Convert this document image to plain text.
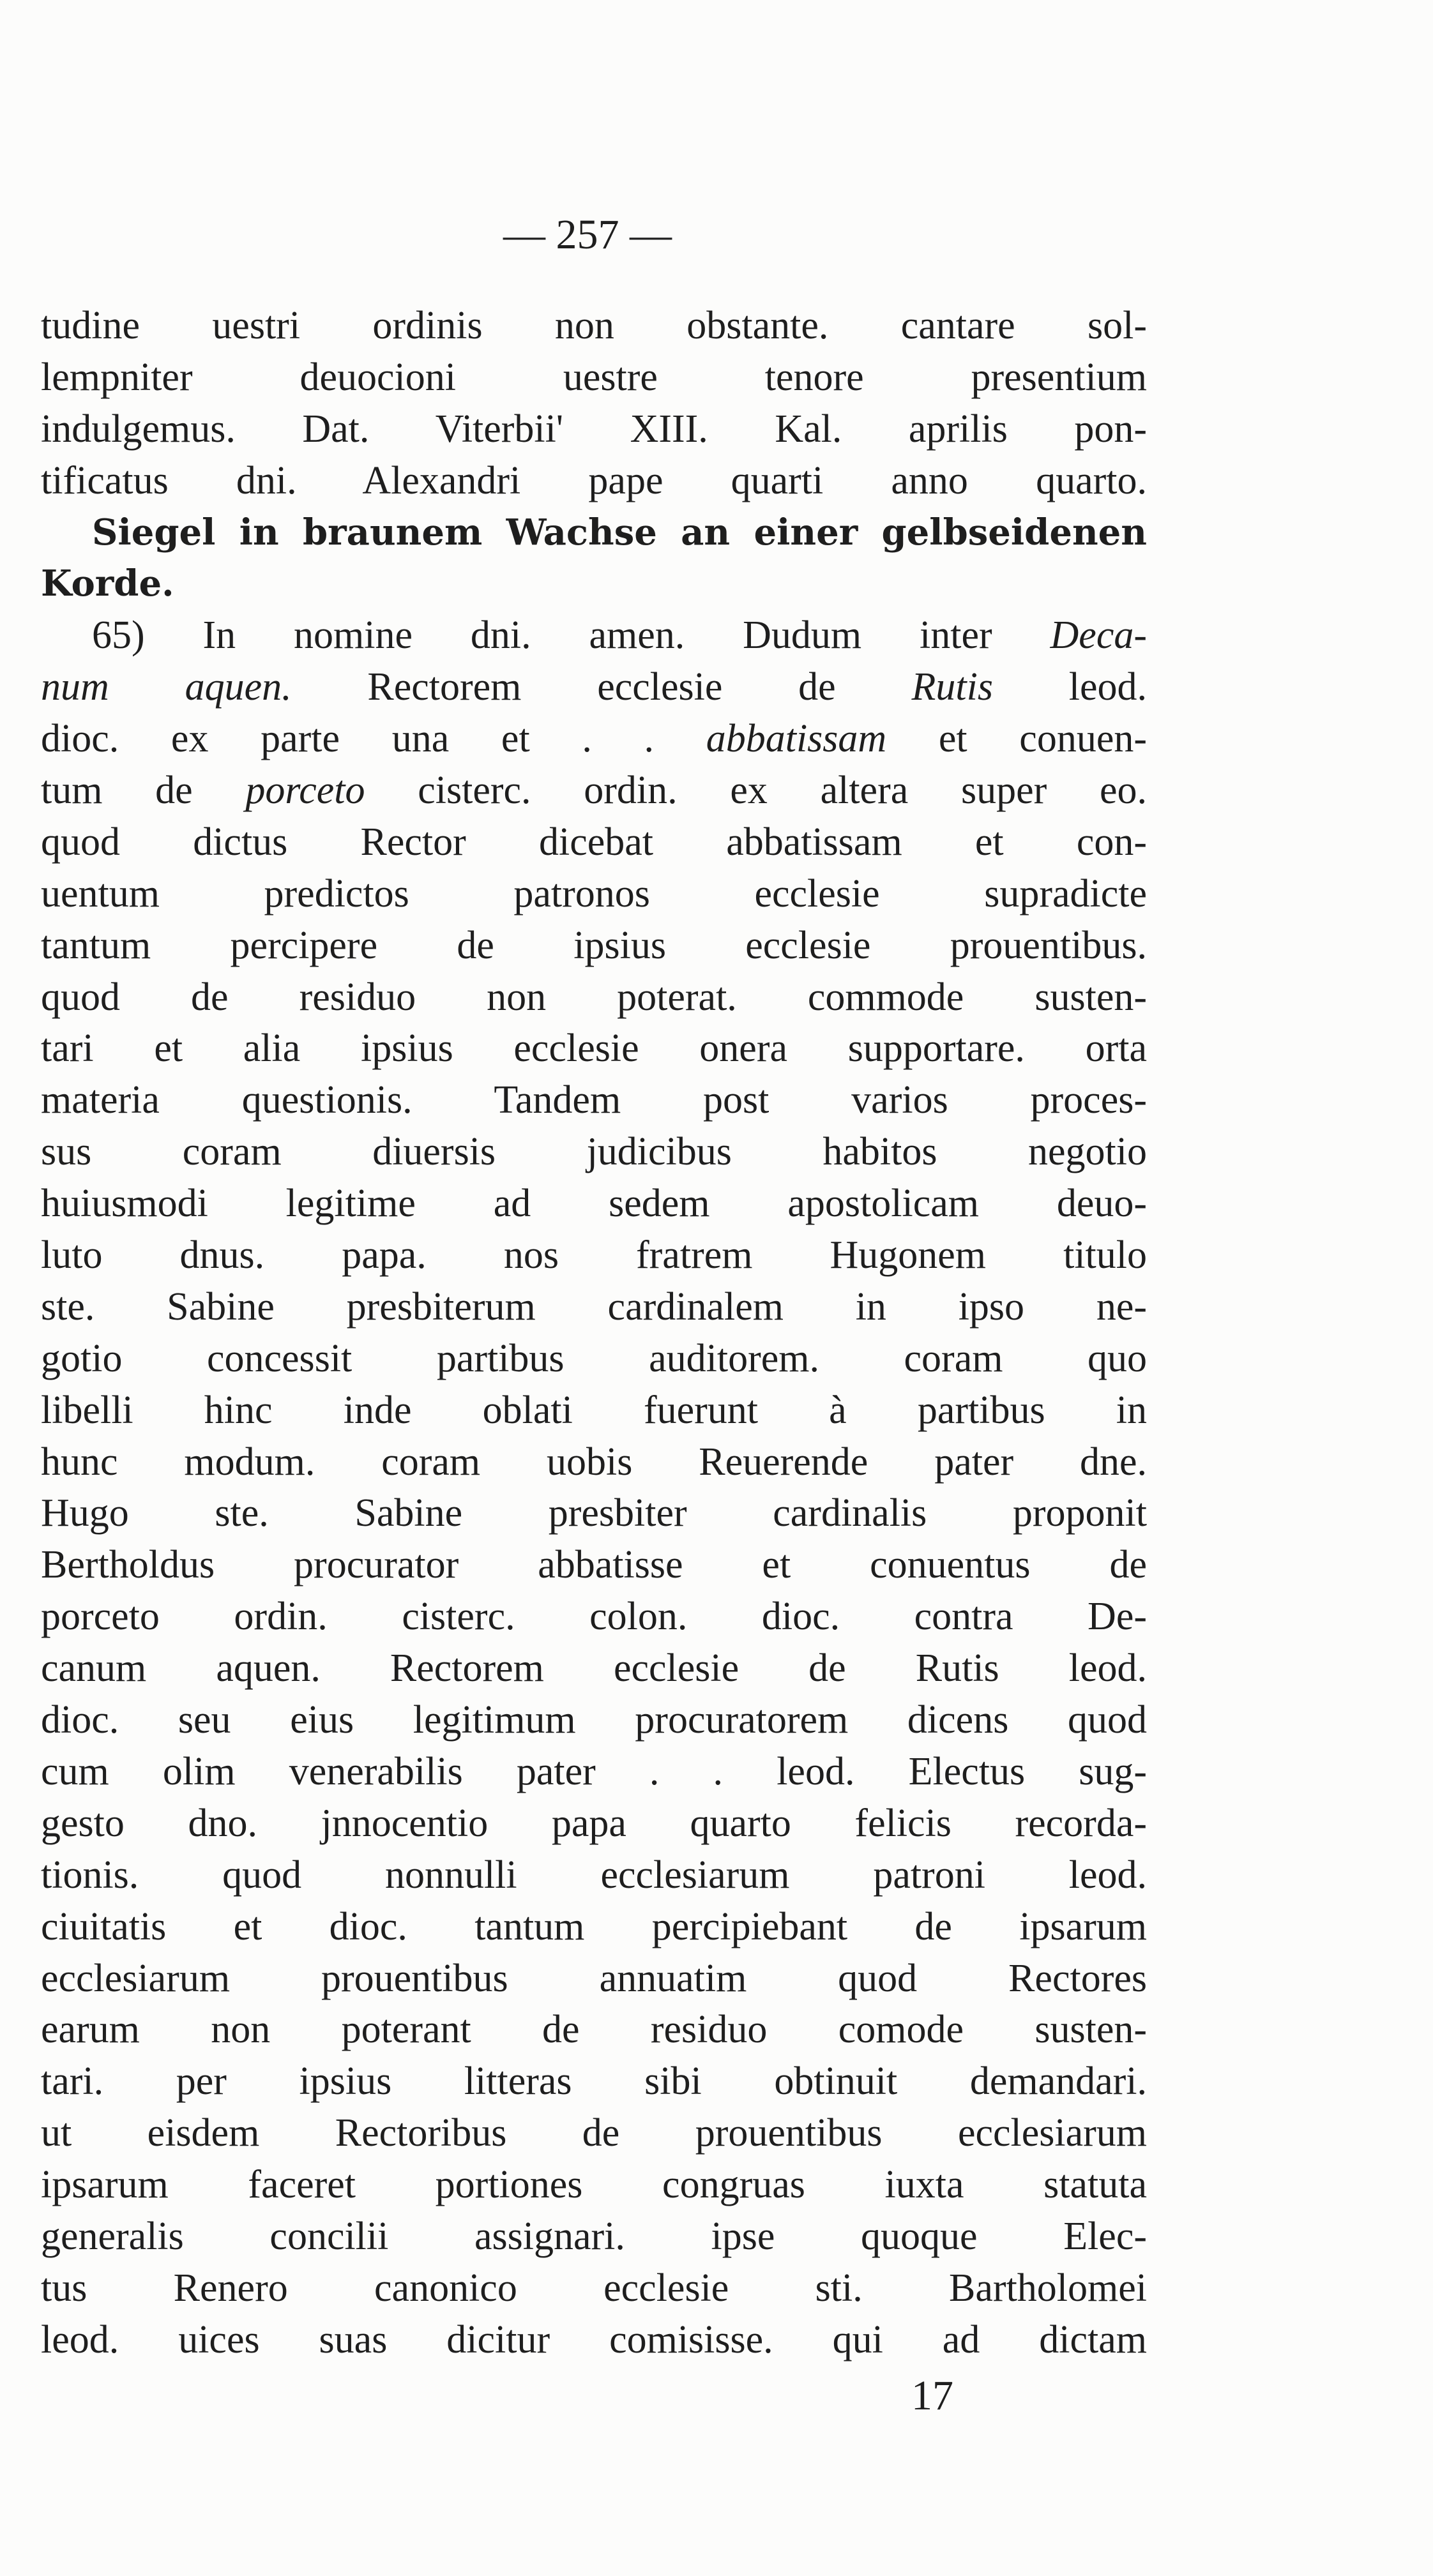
— 257 —
tudine uestri ordinis non obstante. cantare sol-
lempniter deuocioni uestre tenore presentium
indulgemus. Dat. Viterbii' XIII. Kal. aprilis pon-
tificatus dni. Alexandri pape quarti anno quarto.
Siegel in braunem Wachse an einer gelbseidenen
Korde.
65) In nomine dni. amen. Dudum inter Deca-
num aquen. Rectorem ecclesie de Rutis leod.
dioc. ex parte una et . . abbatissam et conuen-
tum de porceto cisterc. ordin. ex altera super eo.
quod dictus Rector dicebat abbatissam et con-
uentum predictos patronos ecclesie supradicte
tantum percipere de ipsius ecclesie prouentibus.
quod de residuo non poterat. commode susten-
tari et alia ipsius ecclesie onera supportare. orta
materia questionis. Tandem post varios proces-
sus coram diuersis judicibus habitos negotio
huiusmodi legitime ad sedem apostolicam deuo-
luto dnus. papa. nos fratrem Hugonem titulo
ste. Sabine presbiterum cardinalem in ipso ne-
gotio concessit partibus auditorem. coram quo
libelli hinc inde oblati fuerunt à partibus in
hunc modum. coram uobis Reuerende pater dne.
Hugo ste. Sabine presbiter cardinalis proponit
Bertholdus procurator abbatisse et conuentus de
porceto ordin. cisterc. colon. dioc. contra De-
canum aquen. Rectorem ecclesie de Rutis leod.
dioc. seu eius legitimum procuratorem dicens quod
cum olim venerabilis pater . . leod. Electus sug-
gesto dno. jnnocentio papa quarto felicis recorda-
tionis. quod nonnulli ecclesiarum patroni leod.
ciuitatis et dioc. tantum percipiebant de ipsarum
ecclesiarum prouentibus annuatim quod Rectores
earum non poterant de residuo comode susten-
tari. per ipsius litteras sibi obtinuit demandari.
ut eisdem Rectoribus de prouentibus ecclesiarum
ipsarum faceret portiones congruas iuxta statuta
generalis concilii assignari. ipse quoque Elec-
tus Renero canonico ecclesie sti. Bartholomei
leod. uices suas dicitur comisisse. qui ad dictam
17
